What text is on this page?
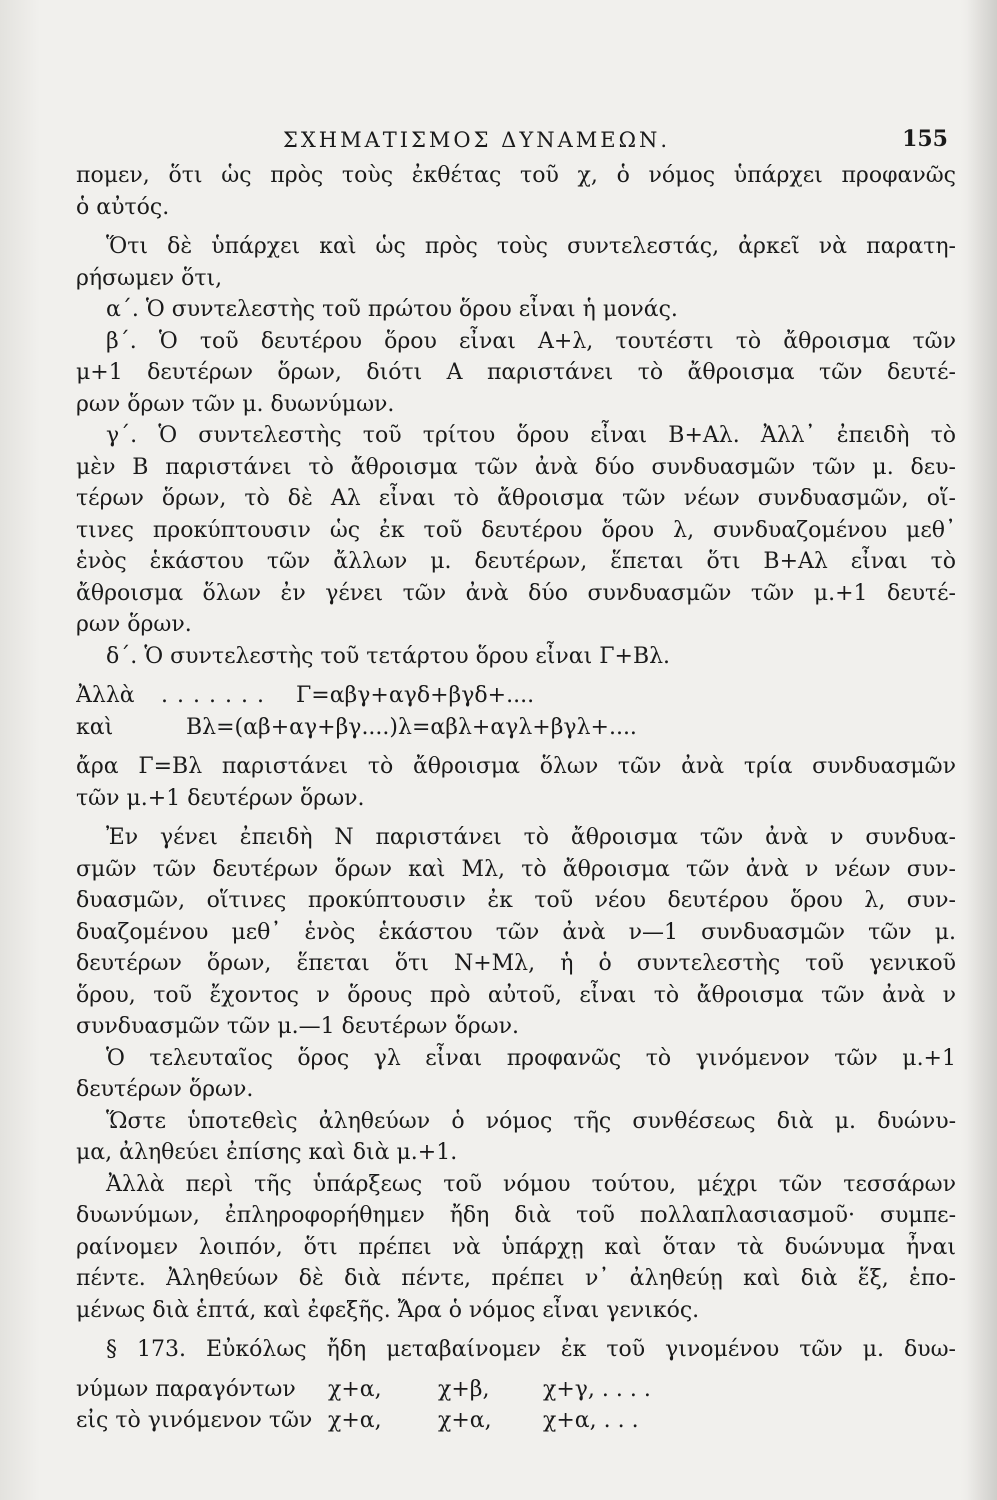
ΣΧΗΜΑΤΙΣΜΟΣ ΔΥΝΑΜΕΩΝ.	155
πομεν, ὅτι ὡς πρὸς τοὺς ἐκθέτας τοῦ χ, ὁ νόμος ὑπάρχει προφανῶς
ὁ αὐτός.
Ὅτι δὲ ὑπάρχει καὶ ὡς πρὸς τοὺς συντελεστάς, ἀρκεῖ νὰ παρατη-
ρήσωμεν ὅτι,
α΄. Ὁ συντελεστὴς τοῦ πρώτου ὅρου εἶναι ἡ μονάς.
β΄. Ὁ τοῦ δευτέρου ὅρου εἶναι Α+λ, τουτέστι τὸ ἄθροισμα τῶν
μ+1 δευτέρων ὅρων, διότι Α παριστάνει τὸ ἄθροισμα τῶν δευτέ-
ρων ὅρων τῶν μ. δυωνύμων.
γ΄. Ὁ συντελεστὴς τοῦ τρίτου ὅρου εἶναι Β+Αλ. Ἀλλ᾽ ἐπειδὴ τὸ
μὲν Β παριστάνει τὸ ἄθροισμα τῶν ἀνὰ δύο συνδυασμῶν τῶν μ. δευ-
τέρων ὅρων, τὸ δὲ Αλ εἶναι τὸ ἄθροισμα τῶν νέων συνδυασμῶν, οἵ-
τινες προκύπτουσιν ὡς ἐκ τοῦ δευτέρου ὅρου λ, συνδυαζομένου μεθ᾽
ἑνὸς ἑκάστου τῶν ἄλλων μ. δευτέρων, ἕπεται ὅτι Β+Αλ εἶναι τὸ
ἄθροισμα ὅλων ἐν γένει τῶν ἀνὰ δύο συνδυασμῶν τῶν μ.+1 δευτέ-
ρων ὅρων.
δ΄. Ὁ συντελεστὴς τοῦ τετάρτου ὅρου εἶναι Γ+Βλ.
Ἀλλὰ ....... Γ=αβγ+αγδ+βγδ+....
καὶ	Βλ=(αβ+αγ+βγ....)λ=αβλ+αγλ+βγλ+....
ἄρα Γ=Βλ παριστάνει τὸ ἄθροισμα ὅλων τῶν ἀνὰ τρία συνδυασμῶν
τῶν μ.+1 δευτέρων ὅρων.
Ἐν γένει ἐπειδὴ Ν παριστάνει τὸ ἄθροισμα τῶν ἀνὰ ν συνδυα-
σμῶν τῶν δευτέρων ὅρων καὶ Μλ, τὸ ἄθροισμα τῶν ἀνὰ ν νέων συν-
δυασμῶν, οἵτινες προκύπτουσιν ἐκ τοῦ νέου δευτέρου ὅρου λ, συν-
δυαζομένου μεθ᾽ ἑνὸς ἑκάστου τῶν ἀνὰ ν—1 συνδυασμῶν τῶν μ.
δευτέρων ὅρων, ἕπεται ὅτι Ν+Μλ, ἡ ὁ συντελεστὴς τοῦ γενικοῦ
ὅρου, τοῦ ἔχοντος ν ὅρους πρὸ αὐτοῦ, εἶναι τὸ ἄθροισμα τῶν ἀνὰ ν
συνδυασμῶν τῶν μ.—1 δευτέρων ὅρων.
Ὁ τελευταῖος ὅρος γλ εἶναι προφανῶς τὸ γινόμενον τῶν μ.+1
δευτέρων ὅρων.
Ὥστε ὑποτεθεὶς ἀληθεύων ὁ νόμος τῆς συνθέσεως διὰ μ. δυώνυ-
μα, ἀληθεύει ἐπίσης καὶ διὰ μ.+1.
Ἀλλὰ περὶ τῆς ὑπάρξεως τοῦ νόμου τούτου, μέχρι τῶν τεσσάρων
δυωνύμων, ἐπληροφορήθημεν ἤδη διὰ τοῦ πολλαπλασιασμοῦ· συμπε-
ραίνομεν λοιπόν, ὅτι πρέπει νὰ ὑπάρχῃ καὶ ὅταν τὰ δυώνυμα ἦναι
πέντε. Ἀληθεύων δὲ διὰ πέντε, πρέπει ν᾽ ἀληθεύῃ καὶ διὰ ἕξ, ἑπο-
μένως διὰ ἑπτά, καὶ ἐφεξῆς. Ἄρα ὁ νόμος εἶναι γενικός.
§ 173. Εὐκόλως ἤδη μεταβαίνομεν ἐκ τοῦ γινομένου τῶν μ. δυω-
νύμων παραγόντων χ+α,	χ+β, χ+γ, . . . .
εἰς τὸ γινόμενον τῶν χ+α,	χ+α, χ+α, . . .
